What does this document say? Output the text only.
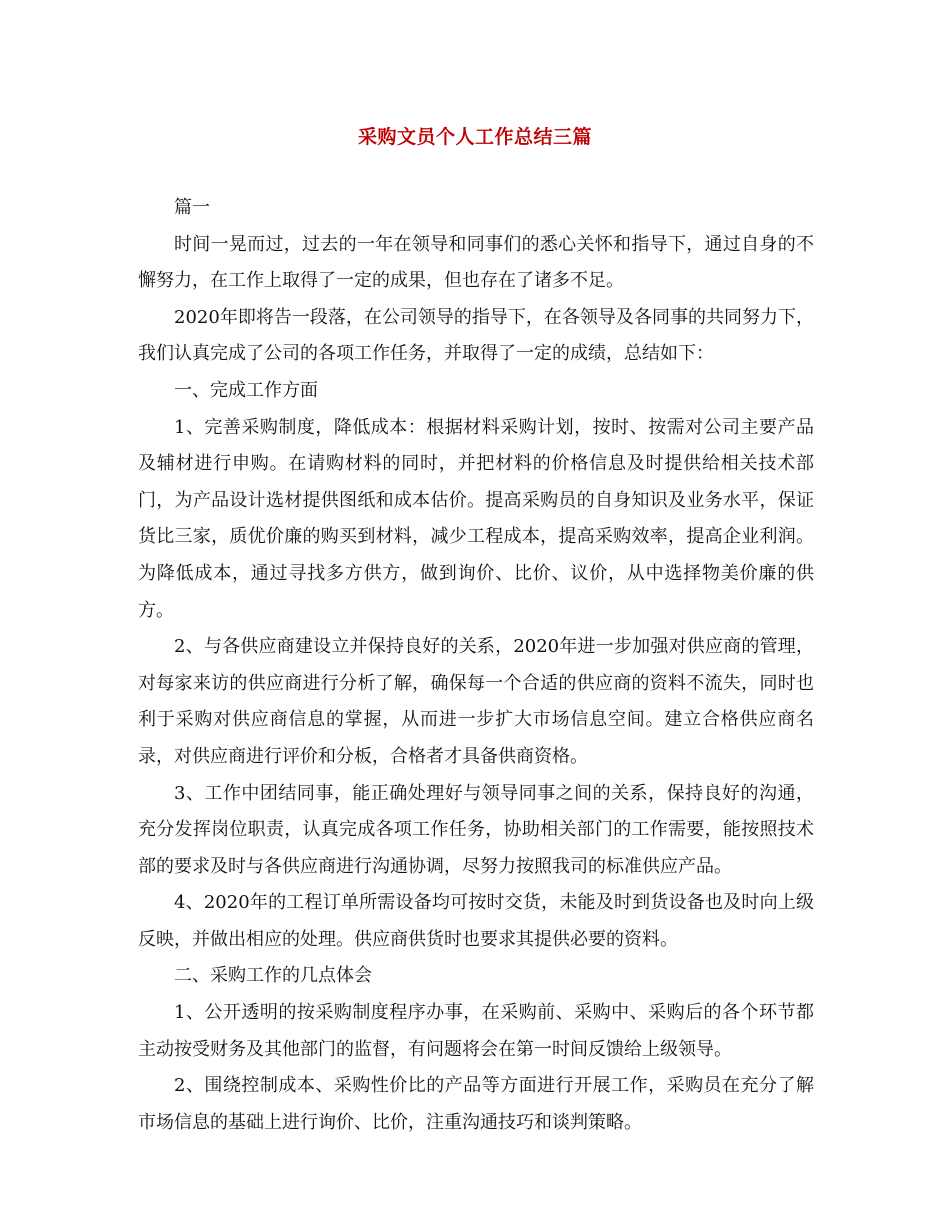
采购文员个人工作总结三篇

篇一

时间一晃而过，过去的一年在领导和同事们的悉心关怀和指导下，通过自身的不懈努力，在工作上取得了一定的成果，但也存在了诸多不足。

2020年即将告一段落，在公司领导的指导下，在各领导及各同事的共同努力下，我们认真完成了公司的各项工作任务，并取得了一定的成绩，总结如下：

一、完成工作方面

1、完善采购制度，降低成本：根据材料采购计划，按时、按需对公司主要产品及辅材进行申购。在请购材料的同时，并把材料的价格信息及时提供给相关技术部门，为产品设计选材提供图纸和成本估价。提高采购员的自身知识及业务水平，保证货比三家，质优价廉的购买到材料，减少工程成本，提高采购效率，提高企业利润。为降低成本，通过寻找多方供方，做到询价、比价、议价，从中选择物美价廉的供方。

2、与各供应商建设立并保持良好的关系，2020年进一步加强对供应商的管理，对每家来访的供应商进行分析了解，确保每一个合适的供应商的资料不流失，同时也利于采购对供应商信息的掌握，从而进一步扩大市场信息空间。建立合格供应商名录，对供应商进行评价和分板，合格者才具备供商资格。

3、工作中团结同事，能正确处理好与领导同事之间的关系，保持良好的沟通，充分发挥岗位职责，认真完成各项工作任务，协助相关部门的工作需要，能按照技术部的要求及时与各供应商进行沟通协调，尽努力按照我司的标准供应产品。

4、2020年的工程订单所需设备均可按时交货，未能及时到货设备也及时向上级反映，并做出相应的处理。供应商供货时也要求其提供必要的资料。

二、采购工作的几点体会

1、公开透明的按采购制度程序办事，在采购前、采购中、采购后的各个环节都主动按受财务及其他部门的监督，有问题将会在第一时间反馈给上级领导。

2、围绕控制成本、采购性价比的产品等方面进行开展工作，采购员在充分了解市场信息的基础上进行询价、比价，注重沟通技巧和谈判策略。
